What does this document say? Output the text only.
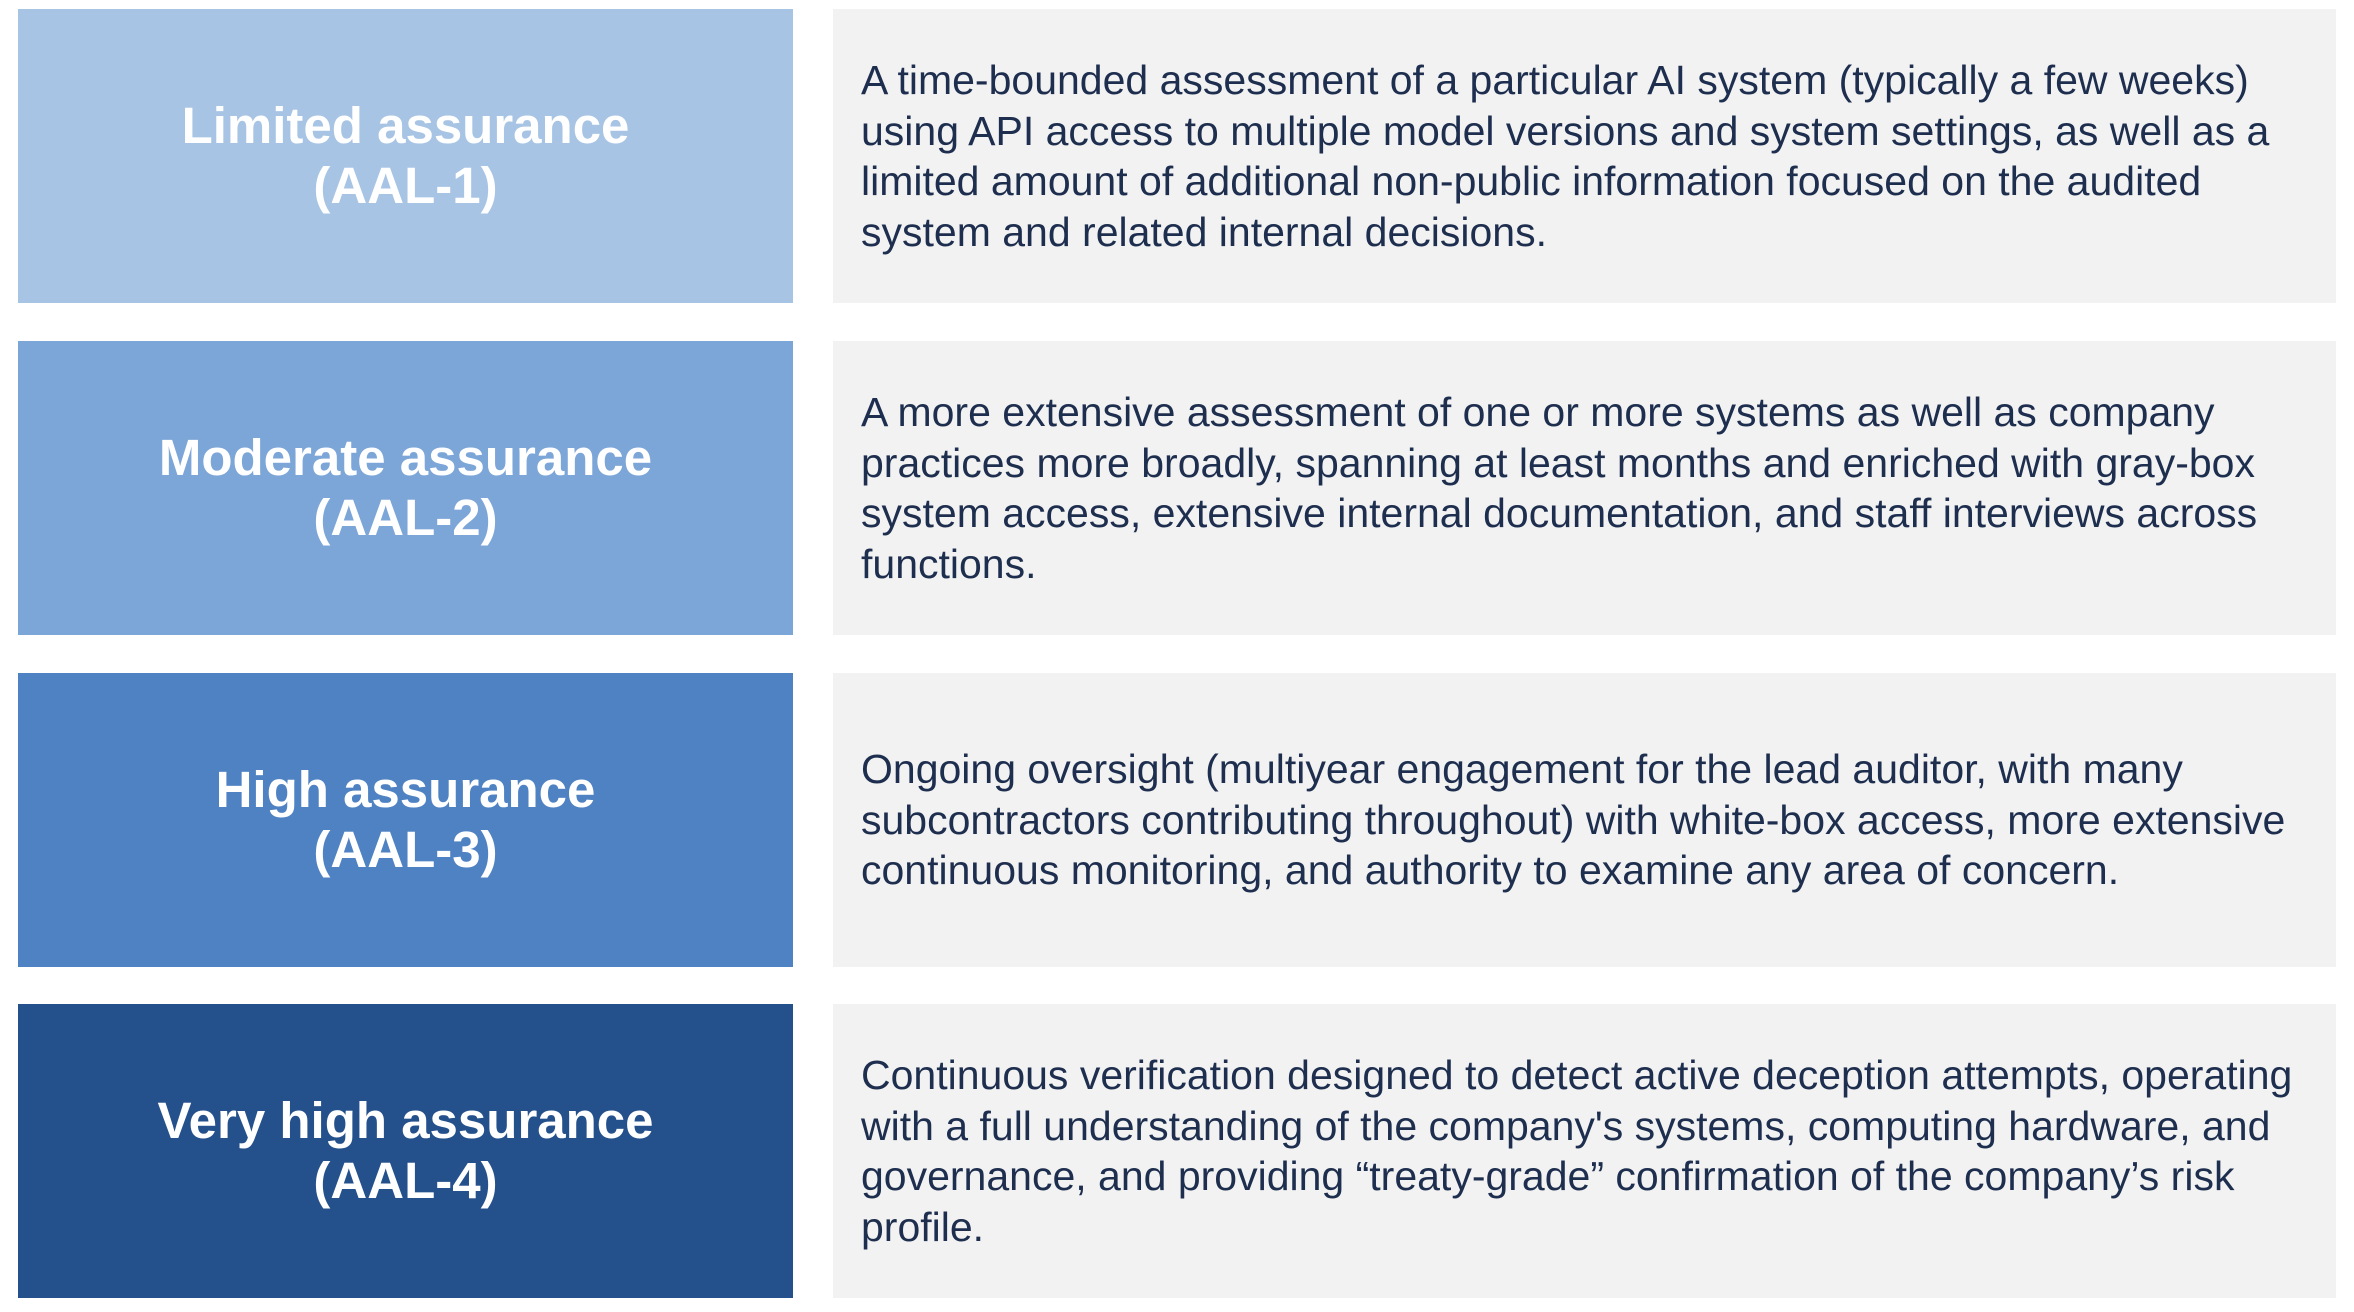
Limited assurance
(AAL-1)

A time-bounded assessment of a particular AI system (typically a few weeks) using API access to multiple model versions and system settings, as well as a limited amount of additional non-public information focused on the audited system and related internal decisions.

Moderate assurance
(AAL-2)

A more extensive assessment of one or more systems as well as company practices more broadly, spanning at least months and enriched with gray-box system access, extensive internal documentation, and staff interviews across functions.

High assurance
(AAL-3)

Ongoing oversight (multiyear engagement for the lead auditor, with many subcontractors contributing throughout) with white-box access, more extensive continuous monitoring, and authority to examine any area of concern.

Very high assurance
(AAL-4)

Continuous verification designed to detect active deception attempts, operating with a full understanding of the company's systems, computing hardware, and governance, and providing “treaty-grade” confirmation of the company’s risk profile.
